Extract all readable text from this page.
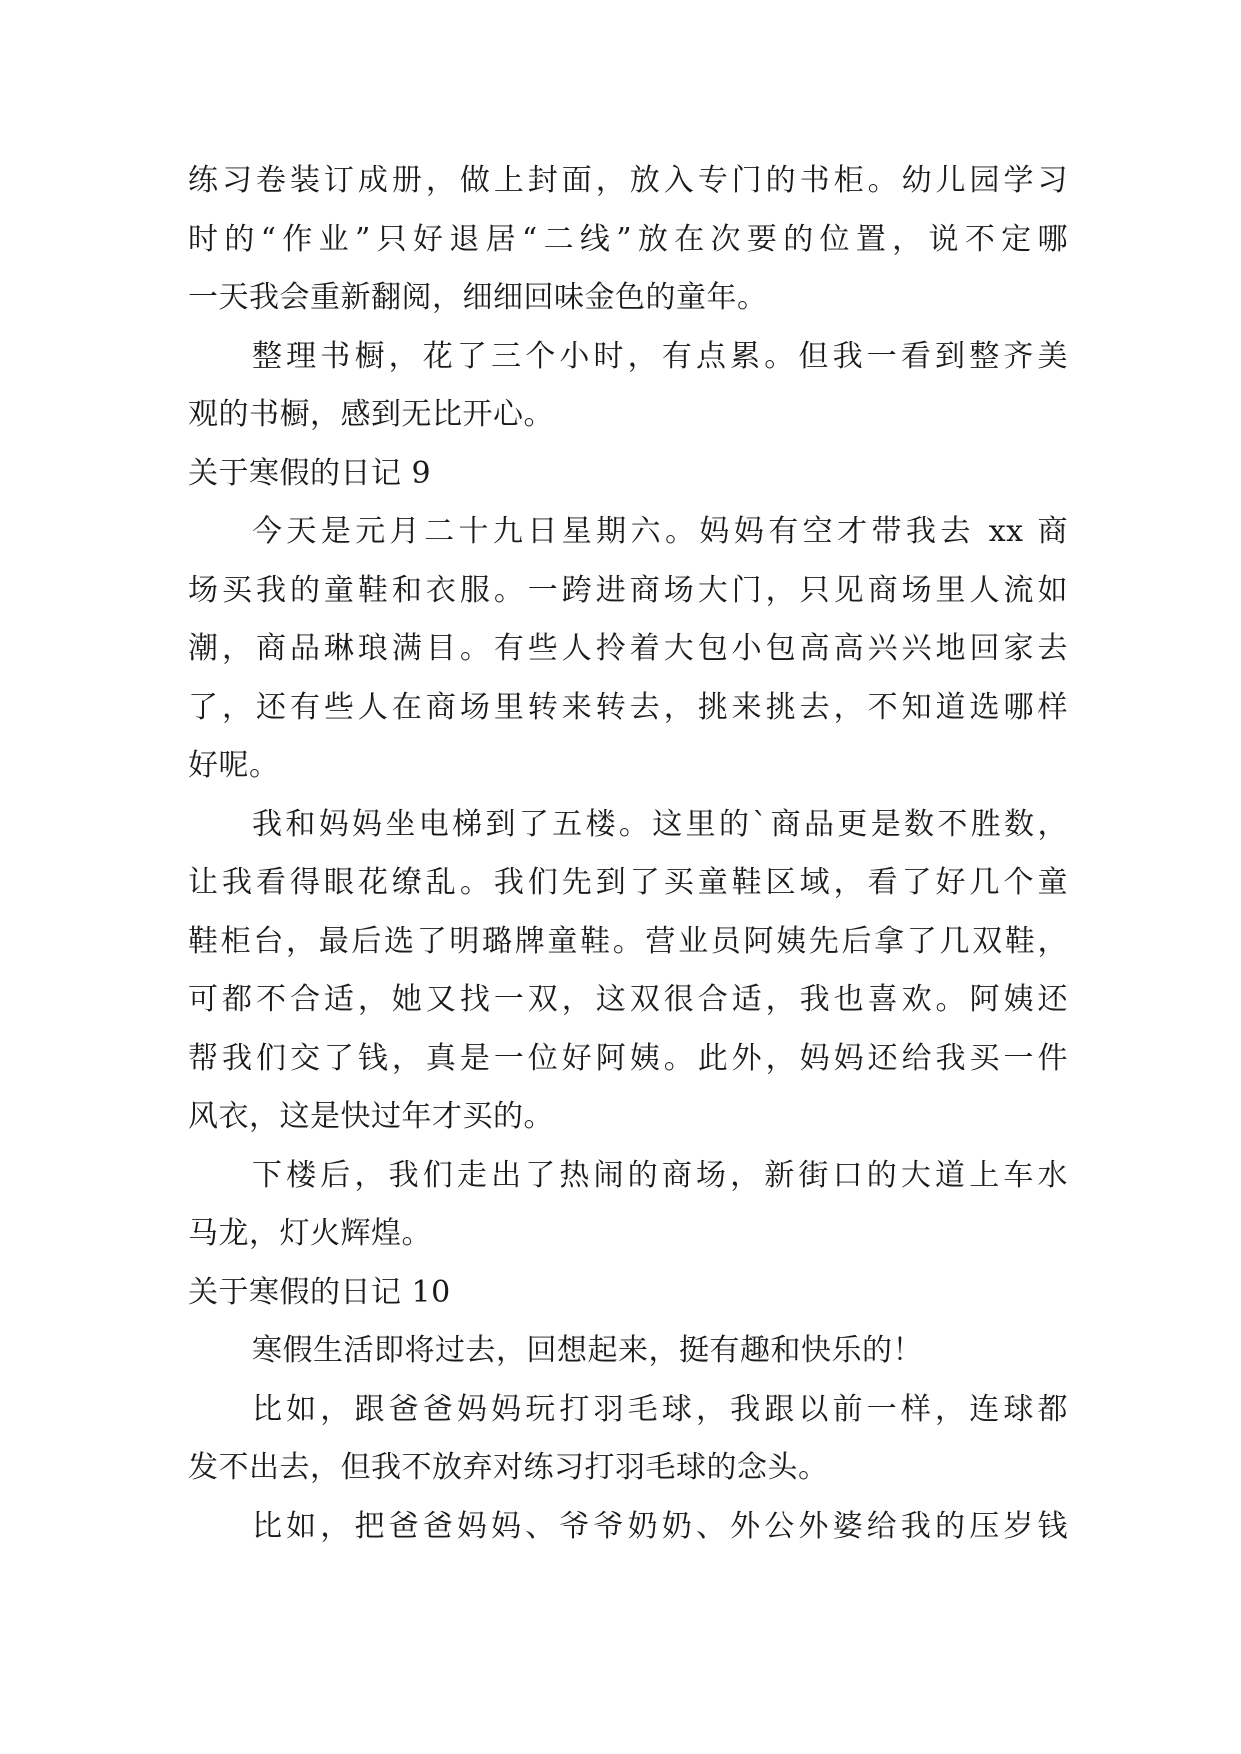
练习卷装订成册，做上封面，放入专门的书柜。幼儿园学习
时的“作业”只好退居“二线”放在次要的位置，说不定哪
一天我会重新翻阅，细细回味金色的童年。
整理书橱，花了三个小时，有点累。但我一看到整齐美
观的书橱，感到无比开心。
关于寒假的日记 9
今天是元月二十九日星期六。妈妈有空才带我去 xx 商
场买我的童鞋和衣服。一跨进商场大门，只见商场里人流如
潮，商品琳琅满目。有些人拎着大包小包高高兴兴地回家去
了，还有些人在商场里转来转去，挑来挑去，不知道选哪样
好呢。
我和妈妈坐电梯到了五楼。这里的`商品更是数不胜数，
让我看得眼花缭乱。我们先到了买童鞋区域，看了好几个童
鞋柜台，最后选了明璐牌童鞋。营业员阿姨先后拿了几双鞋，
可都不合适，她又找一双，这双很合适，我也喜欢。阿姨还
帮我们交了钱，真是一位好阿姨。此外，妈妈还给我买一件
风衣，这是快过年才买的。
下楼后，我们走出了热闹的商场，新街口的大道上车水
马龙，灯火辉煌。
关于寒假的日记 10
寒假生活即将过去，回想起来，挺有趣和快乐的！
比如，跟爸爸妈妈玩打羽毛球，我跟以前一样，连球都
发不出去，但我不放弃对练习打羽毛球的念头。
比如，把爸爸妈妈、爷爷奶奶、外公外婆给我的压岁钱
